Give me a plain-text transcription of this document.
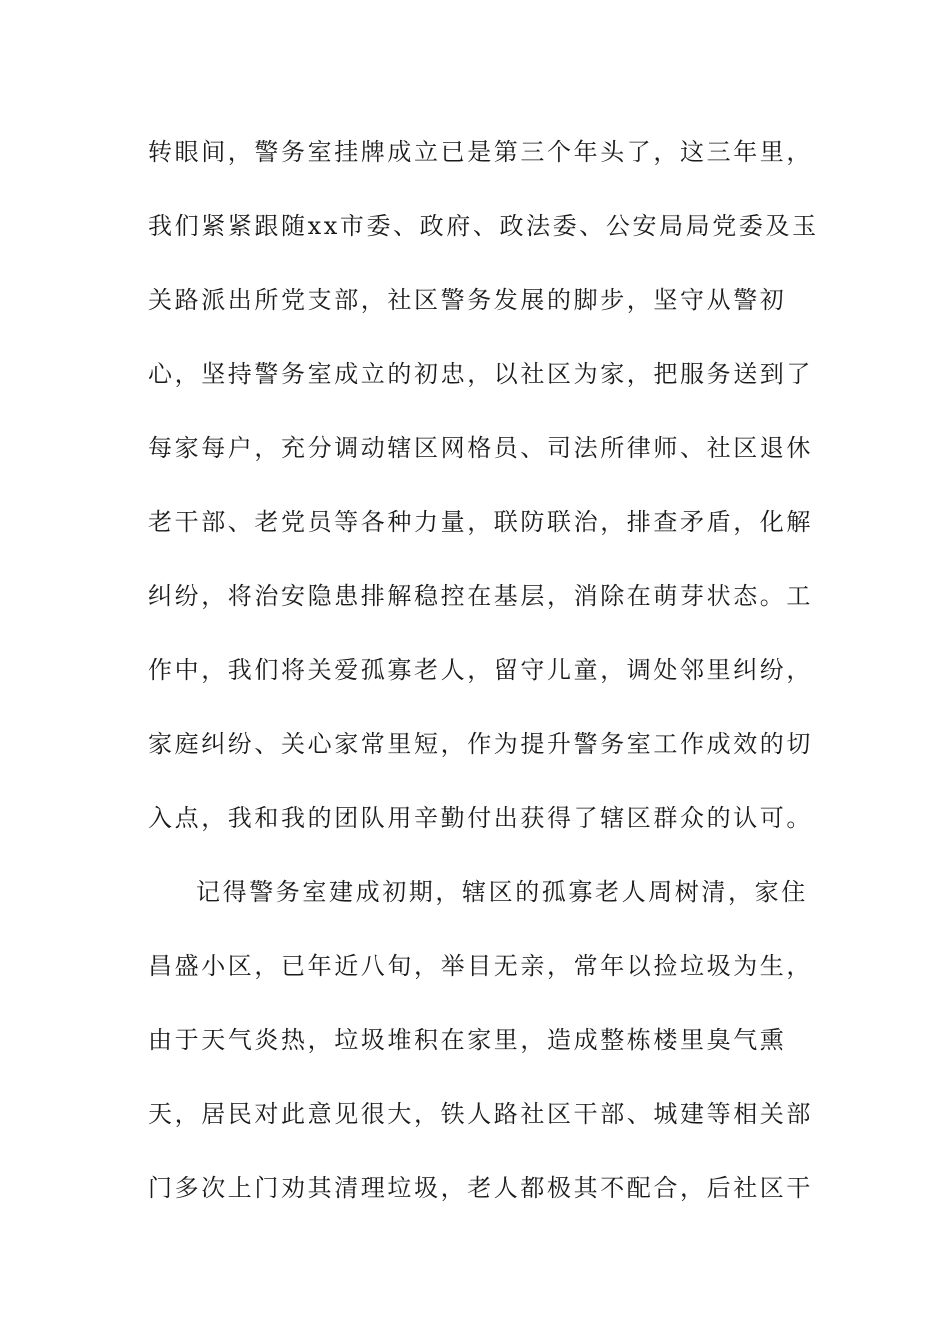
转眼间，警务室挂牌成立已是第三个年头了，这三年里，
我们紧紧跟随xx市委、政府、政法委、公安局局党委及玉
关路派出所党支部，社区警务发展的脚步，坚守从警初
心，坚持警务室成立的初忠，以社区为家，把服务送到了
每家每户，充分调动辖区网格员、司法所律师、社区退休
老干部、老党员等各种力量，联防联治，排查矛盾，化解
纠纷，将治安隐患排解稳控在基层，消除在萌芽状态。工
作中，我们将关爱孤寡老人，留守儿童，调处邻里纠纷，
家庭纠纷、关心家常里短，作为提升警务室工作成效的切
入点，我和我的团队用辛勤付出获得了辖区群众的认可。
记得警务室建成初期，辖区的孤寡老人周树清，家住
昌盛小区，已年近八旬，举目无亲，常年以捡垃圾为生，
由于天气炎热，垃圾堆积在家里，造成整栋楼里臭气熏
天，居民对此意见很大，铁人路社区干部、城建等相关部
门多次上门劝其清理垃圾，老人都极其不配合，后社区干
